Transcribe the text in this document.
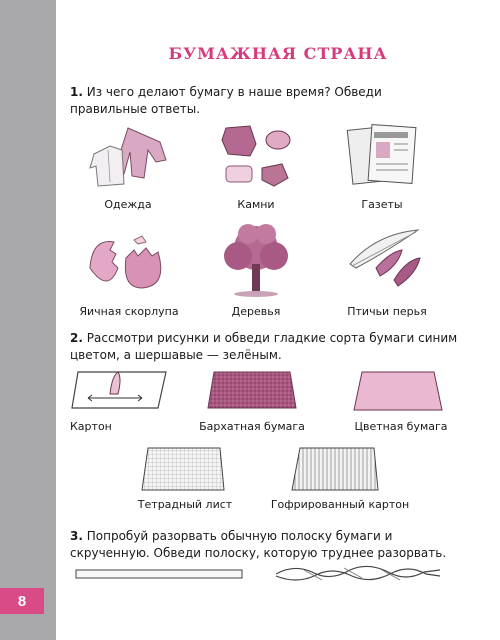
8
БУМАЖНАЯ СТРАНА
1. Из чего делают бумагу в наше время? Обведи правильные ответы.
Одежда	Камни	Газеты
Яичная скорлупа	Деревья	Птичьи перья
2. Рассмотри рисунки и обведи гладкие сорта бумаги синим цветом, а шершавые — зелёным.
Картон	Бархатная бумага	Цветная бумага
Тетрадный лист	Гофрированный картон
3. Попробуй разорвать обычную полоску бумаги и скрученную. Обведи полоску, которую труднее разорвать.
